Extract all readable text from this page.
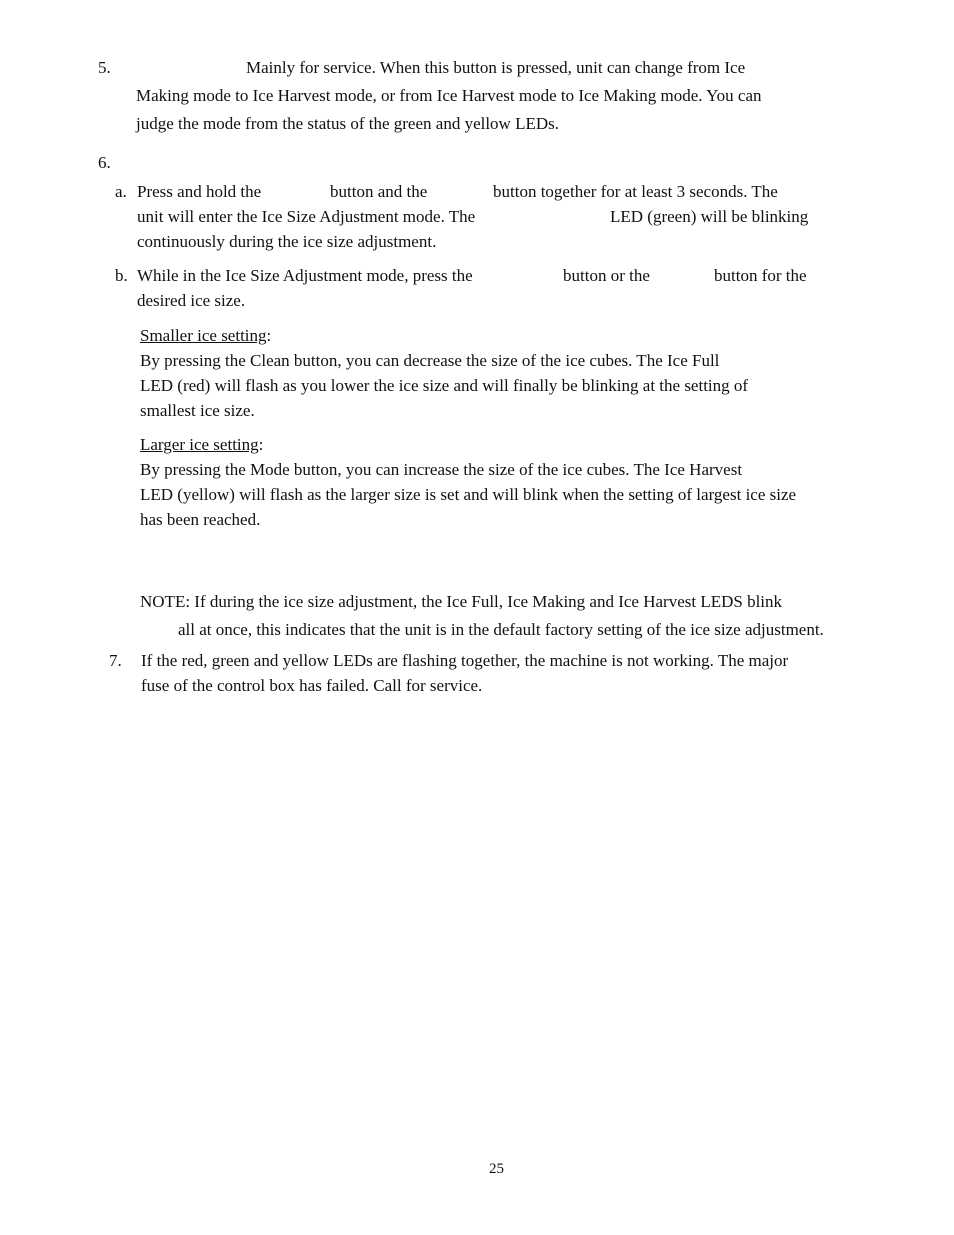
5.	Mainly for service. When this button is pressed, unit can change from Ice
Making mode to Ice Harvest mode, or from Ice Harvest mode to Ice Making mode. You can
judge the mode from the status of the green and yellow LEDs.
6.
a. Press and hold the	button and the	button together for at least 3 seconds. The
unit will enter the Ice Size Adjustment mode. The	LED (green) will be blinking
continuously during the ice size adjustment.
b. While in the Ice Size Adjustment mode, press the	button or the	button for the
desired ice size.
Smaller ice setting:
By pressing the Clean button, you can decrease the size of the ice cubes. The Ice Full
LED (red) will flash as you lower the ice size and will finally be blinking at the setting of
smallest ice size.
Larger ice setting:
By pressing the Mode button, you can increase the size of the ice cubes. The Ice Harvest
LED (yellow) will flash as the larger size is set and will blink when the setting of largest ice size
has been reached.
NOTE: If during the ice size adjustment, the Ice Full, Ice Making and Ice Harvest LEDS blink
all at once, this indicates that the unit is in the default factory setting of the ice size adjustment.
7. If the red, green and yellow LEDs are flashing together, the machine is not working. The major
fuse of the control box has failed. Call for service.
25
